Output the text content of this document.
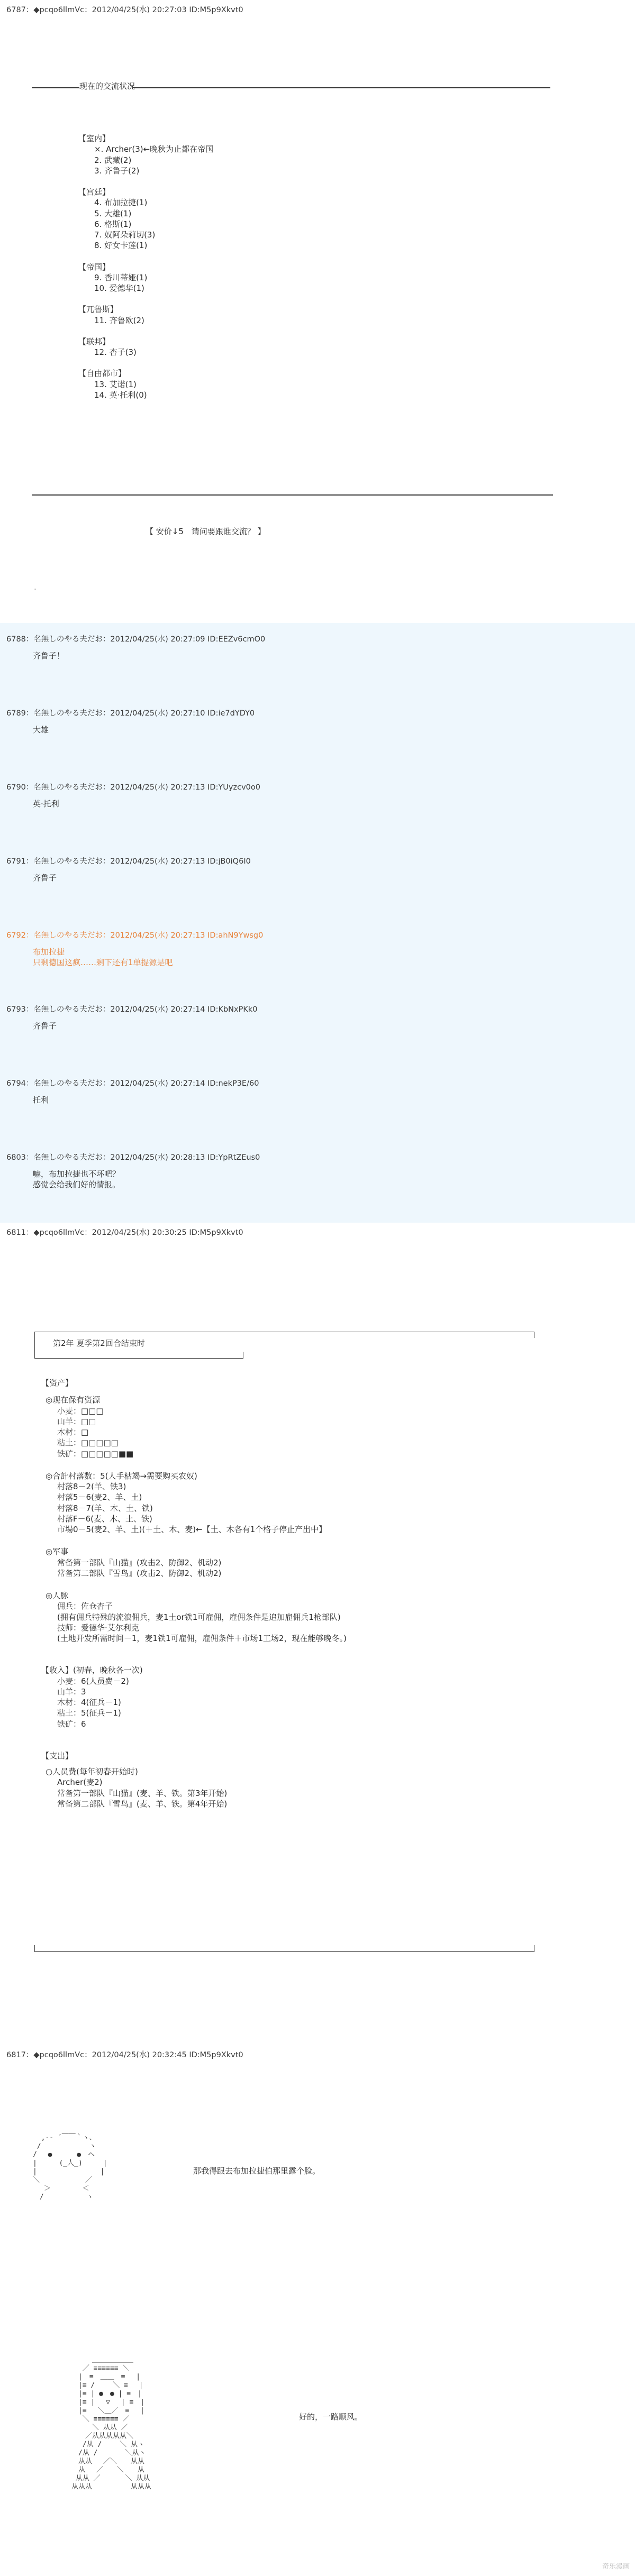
6787：◆pcqo6llmVc：2012/04/25(水) 20:27:03 ID:M5p9Xkvt0
现在的交流状况
【室内】
×. Archer(3)←晚秋为止都在帝国
2. 武藏(2)
3. 齐鲁子(2)
【宫廷】
4. 布加拉捷(1)
5. 大雄(1)
6. 格斯(1)
7. 奴阿朵莉切(3)
8. 好女卡莲(1)
【帝国】
9. 香川蒂娅(1)
10. 爱德华(1)
【兀鲁斯】
11. 齐鲁欧(2)
【联邦】
12. 杏子(3)
【自由都市】
13. 艾诺(1)
14. 英·托利(0)
【 安价↓5　请问要跟谁交流？ 】
.
6788：名無しのやる夫だお：2012/04/25(水) 20:27:09 ID:EEZv6cmO0
齐鲁子！
6789：名無しのやる夫だお：2012/04/25(水) 20:27:10 ID:ie7dYDY0
大雄
6790：名無しのやる夫だお：2012/04/25(水) 20:27:13 ID:YUyzcv0o0
英·托利
6791：名無しのやる夫だお：2012/04/25(水) 20:27:13 ID:jB0iQ6I0
齐鲁子
6792：名無しのやる夫だお：2012/04/25(水) 20:27:13 ID:ahN9Ywsg0
布加拉捷
只剩德国这疯……剩下还有1单提源是吧
6793：名無しのやる夫だお：2012/04/25(水) 20:27:14 ID:KbNxPKk0
齐鲁子
6794：名無しのやる夫だお：2012/04/25(水) 20:27:14 ID:nekP3E/60
托利
6803：名無しのやる夫だお：2012/04/25(水) 20:28:13 ID:YpRtZEus0
嘛，布加拉捷也不坏吧？
感觉会给我们好的情报。
6811：◆pcqo6llmVc：2012/04/25(水) 20:30:25 ID:M5p9Xkvt0
第2年 夏季第2回合结束时
【资产】
◎现在保有资源
小麦：□□□
山羊：□□
木材：□
粘土：□□□□□
铁矿：□□□□□■■
◎合計村落数：5(人手枯竭→需要购买农奴)
村落8－2(羊、铁3)
村落5－6(麦2、羊、土)
村落8－7(羊、木、土、铁)
村落F－6(麦、木、土、铁)
市場0－5(麦2、羊、土)(＋土、木、麦)←【土、木各有1个格子停止产出中】
◎军事
常备第一部队『山猫』(攻击2、防御2、机动2)
常备第二部队『雪鸟』(攻击2、防御2、机动2)
◎人脉
佣兵：佐仓杏子
(拥有佣兵特殊的流浪佣兵，麦1土or铁1可雇佣，雇佣条件是追加雇佣兵1枪部队)
技师：爱德华·艾尔利克
(土地开发所需时间－1，麦1铁1可雇佣，雇佣条件＋市场1工场2，现在能够晚冬。)
【收入】(初春，晚秋各一次)
小麦：6(人员费－2)
山羊：3
木材：4(征兵－1)
粘土：5(征兵－1)
铁矿：6
【支出】
○人员费(每年初春开始时)
Archer(麦2)
常备第一部队『山猫』(麦、羊、铁。第3年开始)
常备第二部队『雪鸟』(麦、羊、铁。第4年开始)
6817：◆pcqo6llmVc：2012/04/25(水) 20:32:45 ID:M5p9Xkvt0
,-‐ ´￣￣｀ヽ、
/　　　　　　　ヽ
/　 ●　　 　●　ヘ
|　 　 (_人_)　　　|
|　 　　　　　　　 |
＼　　　　　　 ／
　 ＞　　 　　＜
　/　　 　　　 ヽ
那我得跟去布加拉捷伯那里露个脸。
　　　＿＿＿＿＿＿
　 ／ ≡≡≡≡≡≡ ＼
　|　≡　＿＿　≡　 |
　|≡ /　　 ＼ ≡ 　|
　|≡ | ●　● | ≡　|
　|≡ |　 ▽ 　| ≡　|
　|≡ 　＼＿／　≡ 　|
　 ＼ ≡≡≡≡≡≡ ／
　　　＼ 从从 ／
　　／从从从从从＼
　 /从 /　　 ＼ 从ヽ
　/从 /　　　　＼从ヽ
　从从　 ／＼　　从从
　从　 ／　　＼　　从
从从 ／　　　 ＼ 从从
从从从　　　　　 从从从
好的，一路顺风。
奇乐漫画
